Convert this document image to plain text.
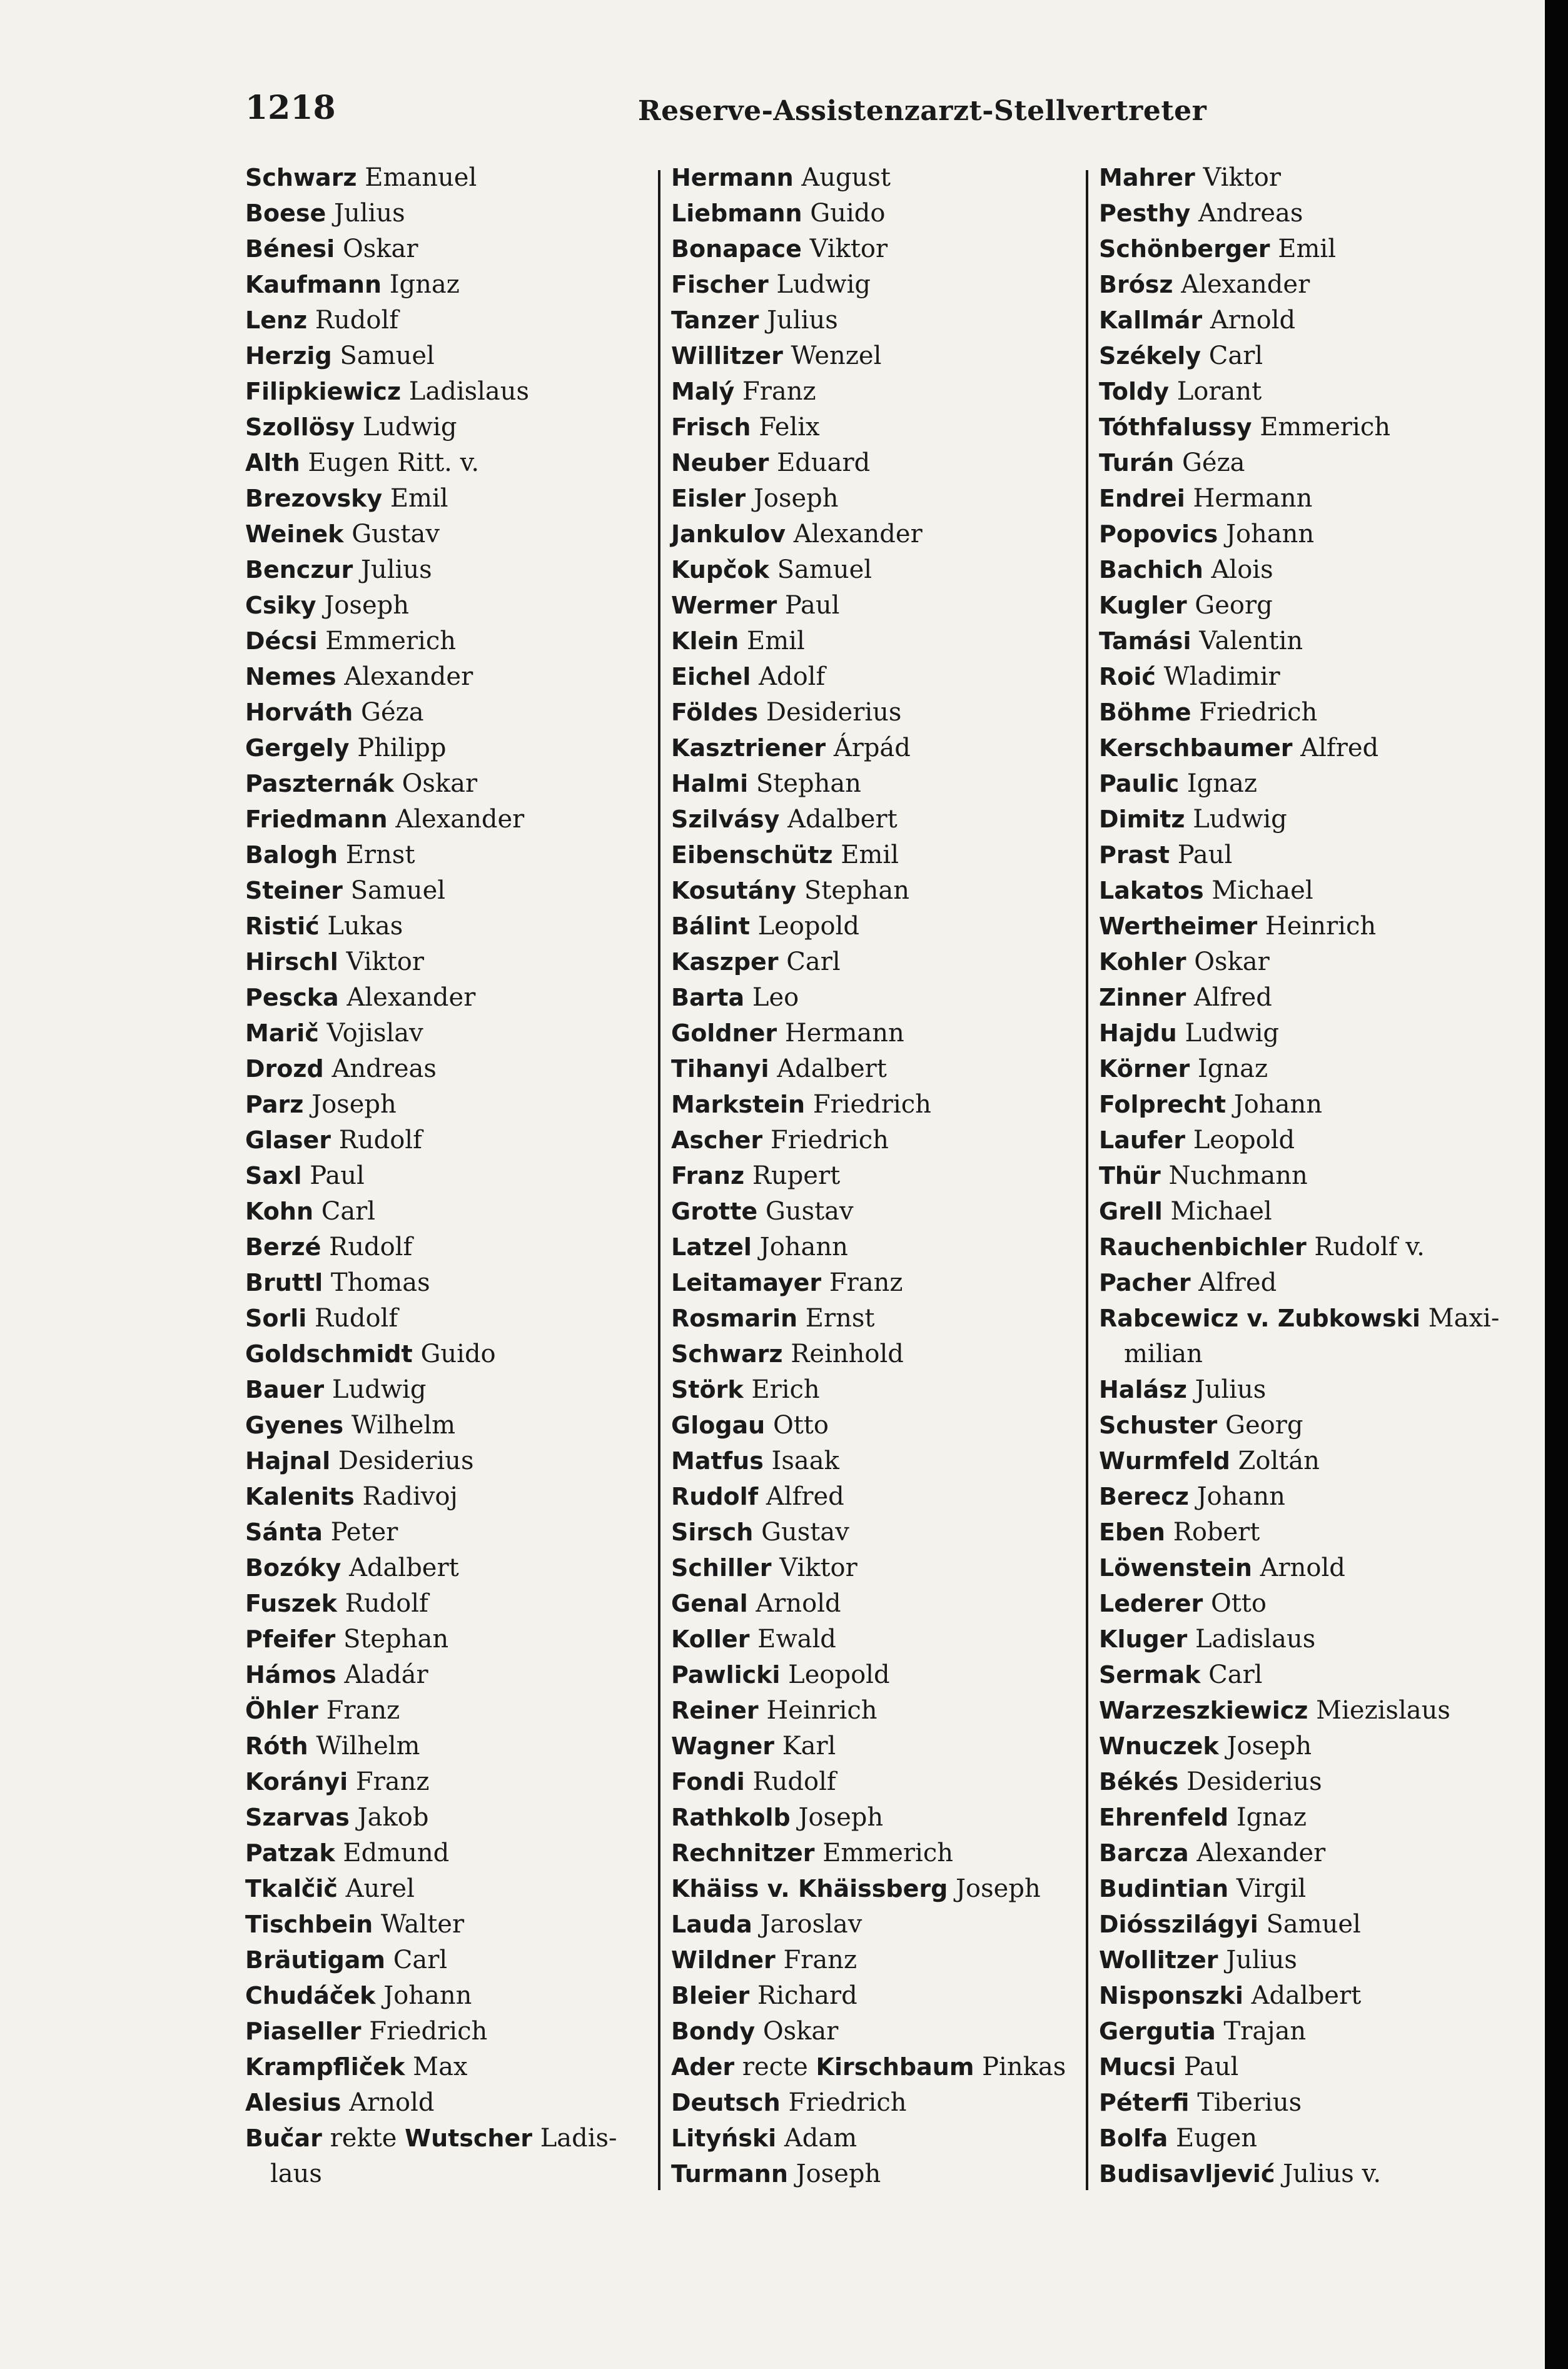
1218	Reserve-Assistenzarzt-Stellvertreter
Schwarz Emanuel
Boese Julius
Bénesi Oskar
Kaufmann Ignaz
Lenz Rudolf
Herzig Samuel
Filipkiewicz Ladislaus
Szollösy Ludwig
Alth Eugen Ritt. v.
Brezovsky Emil
Weinek Gustav
Benczur Julius
Csiky Joseph
Décsi Emmerich
Nemes Alexander
Horváth Géza
Gergely Philipp
Paszternák Oskar
Friedmann Alexander
Balogh Ernst
Steiner Samuel
Ristić Lukas
Hirschl Viktor
Pescka Alexander
Marič Vojislav
Drozd Andreas
Parz Joseph
Glaser Rudolf
Saxl Paul
Kohn Carl
Berzé Rudolf
Bruttl Thomas
Sorli Rudolf
Goldschmidt Guido
Bauer Ludwig
Gyenes Wilhelm
Hajnal Desiderius
Kalenits Radivoj
Sánta Peter
Bozóky Adalbert
Fuszek Rudolf
Pfeifer Stephan
Hámos Aladár
Öhler Franz
Róth Wilhelm
Korányi Franz
Szarvas Jakob
Patzak Edmund
Tkalčič Aurel
Tischbein Walter
Bräutigam Carl
Chudáček Johann
Piaseller Friedrich
Krampfliček Max
Alesius Arnold
Bučar rekte Wutscher Ladis-
laus
Hermann August
Liebmann Guido
Bonapace Viktor
Fischer Ludwig
Tanzer Julius
Willitzer Wenzel
Malý Franz
Frisch Felix
Neuber Eduard
Eisler Joseph
Jankulov Alexander
Kupčok Samuel
Wermer Paul
Klein Emil
Eichel Adolf
Földes Desiderius
Kasztriener Árpád
Halmi Stephan
Szilvásy Adalbert
Eibenschütz Emil
Kosutány Stephan
Bálint Leopold
Kaszper Carl
Barta Leo
Goldner Hermann
Tihanyi Adalbert
Markstein Friedrich
Ascher Friedrich
Franz Rupert
Grotte Gustav
Latzel Johann
Leitamayer Franz
Rosmarin Ernst
Schwarz Reinhold
Störk Erich
Glogau Otto
Matfus Isaak
Rudolf Alfred
Sirsch Gustav
Schiller Viktor
Genal Arnold
Koller Ewald
Pawlicki Leopold
Reiner Heinrich
Wagner Karl
Fondi Rudolf
Rathkolb Joseph
Rechnitzer Emmerich
Khäiss v. Khäissberg Joseph
Lauda Jaroslav
Wildner Franz
Bleier Richard
Bondy Oskar
Ader recte Kirschbaum Pinkas
Deutsch Friedrich
Lityński Adam
Turmann Joseph
Mahrer Viktor
Pesthy Andreas
Schönberger Emil
Brósz Alexander
Kallmár Arnold
Székely Carl
Toldy Lorant
Tóthfalussy Emmerich
Turán Géza
Endrei Hermann
Popovics Johann
Bachich Alois
Kugler Georg
Tamási Valentin
Roić Wladimir
Böhme Friedrich
Kerschbaumer Alfred
Paulic Ignaz
Dimitz Ludwig
Prast Paul
Lakatos Michael
Wertheimer Heinrich
Kohler Oskar
Zinner Alfred
Hajdu Ludwig
Körner Ignaz
Folprecht Johann
Laufer Leopold
Thür Nuchmann
Grell Michael
Rauchenbichler Rudolf v.
Pacher Alfred
Rabcewicz v. Zubkowski Maxi-
milian
Halász Julius
Schuster Georg
Wurmfeld Zoltán
Berecz Johann
Eben Robert
Löwenstein Arnold
Lederer Otto
Kluger Ladislaus
Sermak Carl
Warzeszkiewicz Miezislaus
Wnuczek Joseph
Békés Desiderius
Ehrenfeld Ignaz
Barcza Alexander
Budintian Virgil
Diósszilágyi Samuel
Wollitzer Julius
Nisponszki Adalbert
Gergutia Trajan
Mucsi Paul
Péterfi Tiberius
Bolfa Eugen
Budisavljević Julius v.
